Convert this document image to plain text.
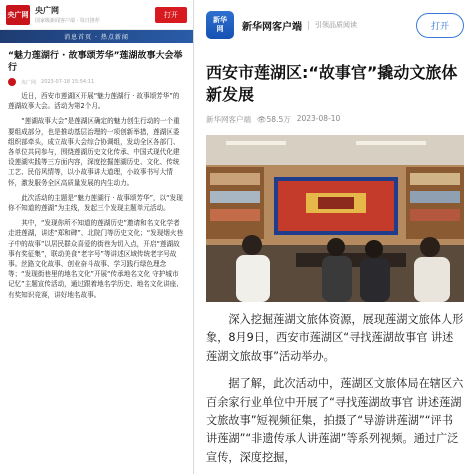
央广网 央广网
国家级新闻客户端 · 每日推荐
打开
消息首页 · 热点新闻
“魅力莲湖行 · 故事颂芳华”莲湖故事大会举行
央广网 2023-07-18 15:54:11

近日，西安市莲湖区开展“魅力莲湖行 · 故事颂芳华”的莲湖故事大会。活动为第2个月。

“莲湖故事大会”是莲湖区确定的魅力创生行动的一个重要组成部分，也是推动基层治理的一项创新举措，莲湖区委组织部牵头，成立故事大会综合协调组，发动全区各部门、各单位共同参与，围绕莲湖历史文化传承、中国式现代化建设莲湖实践等三方面内容，深度挖掘莲湖历史、文化、传统工艺、民俗风情等，以小故事讲大道理，小故事书写大情怀，激发服务全区高质量发展的内生动力。

此次活动的主题是“魅力莲湖行 · 故事颂芳华”，以“发现你不知道的莲湖”为主线，发起三个发现主题单元活动。

其中，“发现你所不知道的莲湖历史”邀请和名文化学者走进莲湖，讲述“郑和碑”、北院门等历史文化；“发现烟火巷子中的故事”以居民群众喜爱的街巷为切入点，开启“莲湖故事有奖征集”，联动美食“老字号”等讲述区域传统老字号故事。丝路文化故事、创业奋斗故事、学习践行绿色理念等；“发现街巷里的地名文化”开展“传承地名文化 守护城市记忆”主题宣传活动，通过跟着地名学历史、地名文化讲座、有奖知识竞赛，讲好地名故事。

新华
网 新华网客户端 引领品质阅读	打开
西安市莲湖区:“故事官”撬动文旅体新发展
新华网客户端 👁58.5万 2023-08-10

深入挖掘莲湖文旅体资源，展现莲湖文旅体人形象，8月9日，西安市莲湖区“寻找莲湖故事官 讲述莲湖文旅故事”活动举办。

据了解，此次活动中，莲湖区文旅体局在辖区六百余家行业单位中开展了“寻找莲湖故事官 讲述莲湖文旅故事”短视频征集，拍摄了“导游讲莲湖”“评书讲莲湖”“非遗传承人讲莲湖”等系列视频。通过广泛宣传，深度挖掘，
